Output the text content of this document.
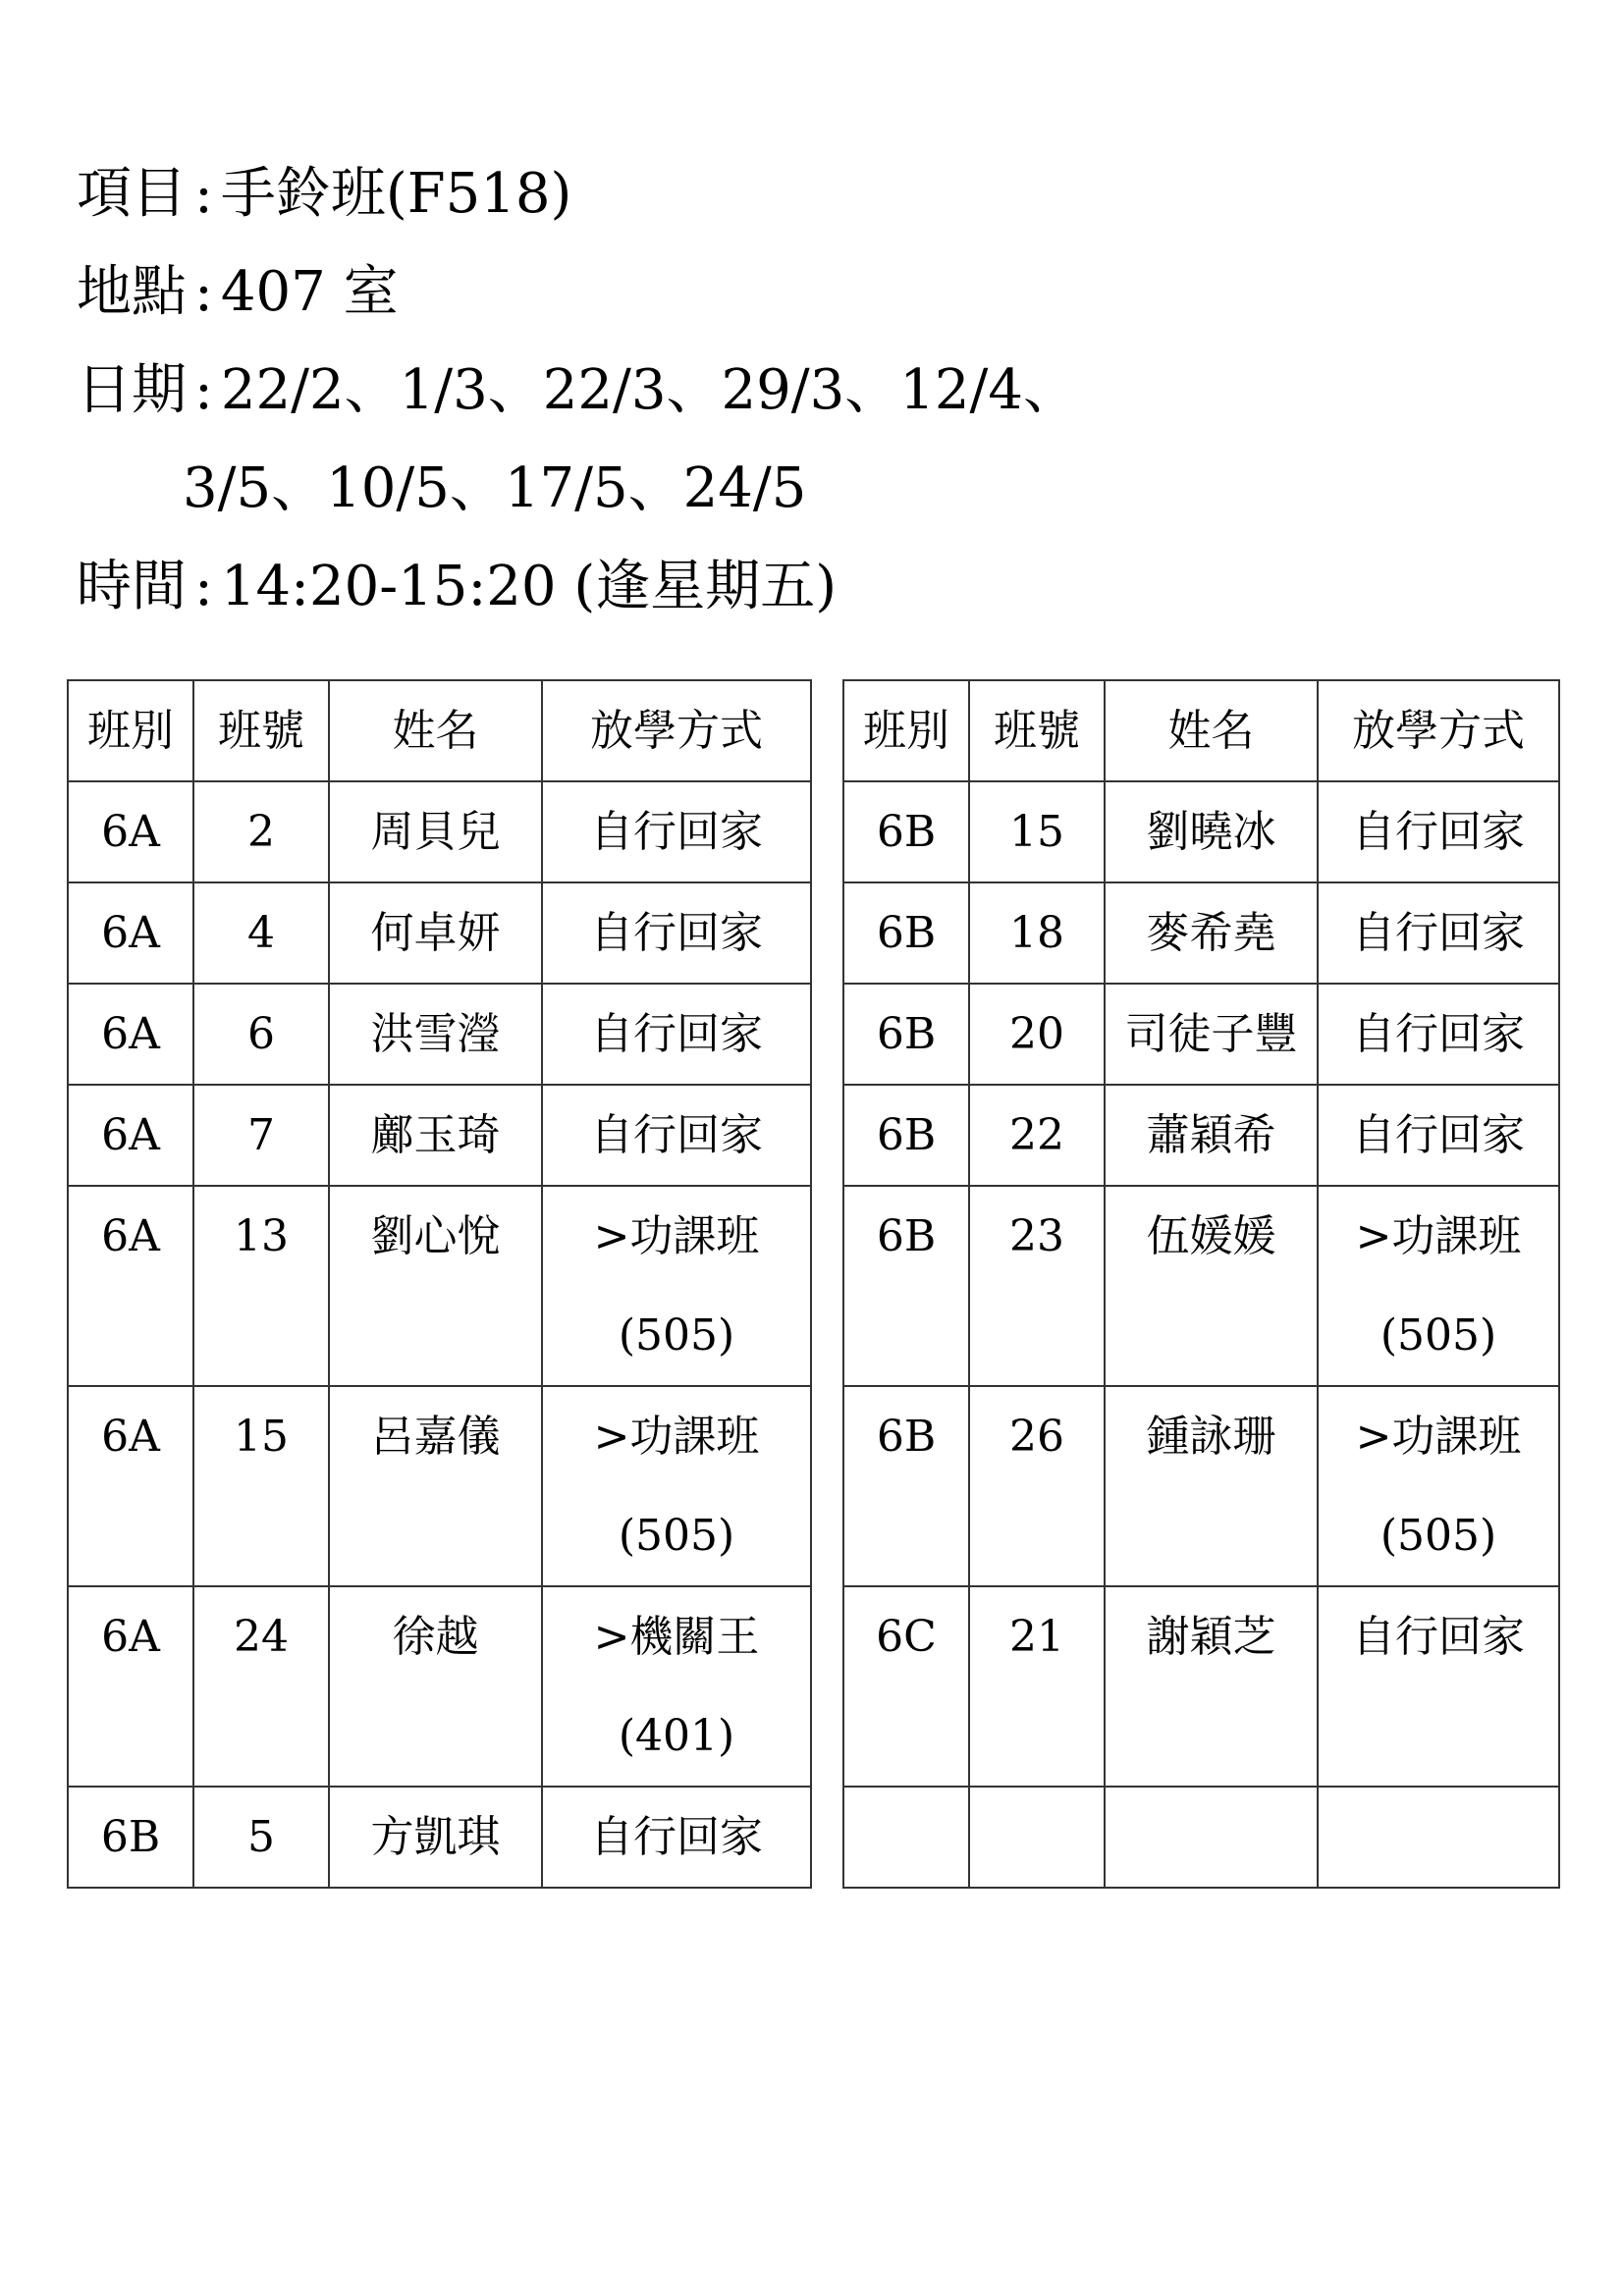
項目 : 手鈴班(F518)
地點 : 407 室
日期 : 22/2、1/3、22/3、29/3、12/4、
3/5、10/5、17/5、24/5
時間 : 14:20-15:20 (逢星期五)
班別	班號	姓名	放學方式
6A	2	周貝兒	自行回家

6A	4	何卓妍	自行回家

6A	6	洪雪瀅	自行回家

6A	7	鄺玉琦	自行回家

6A	13	劉心悅	>功課班
(505)

6A	15	呂嘉儀	>功課班
(505)

6A	24	徐越	>機關王
(401)

6B	5	方凱琪	自行回家
班別	班號	姓名	放學方式
6B	15	劉曉冰	自行回家

6B	18	麥希堯	自行回家

6B	20	司徒子豐	自行回家

6B	22	蕭穎希	自行回家

6B	23	伍媛媛	>功課班
(505)

6B	26	鍾詠珊	>功課班
(505)

6C	21	謝穎芝	自行回家
